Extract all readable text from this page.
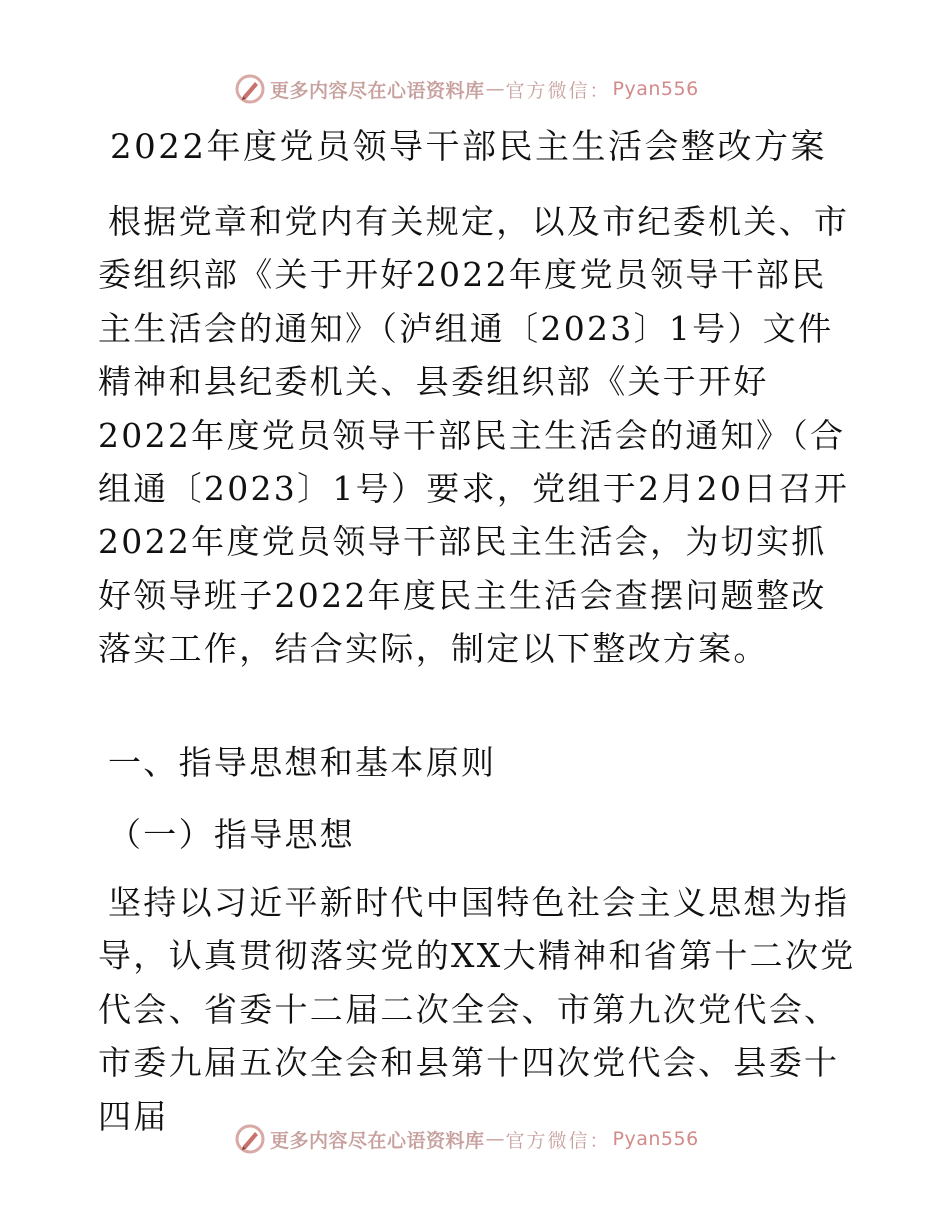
更多内容尽在心语资料库 — 官方微信： Pyan556
2022年度党员领导干部民主生活会整改方案

根据党章和党内有关规定，以及市纪委机关、市委组织部《关于开好2022年度党员领导干部民主生活会的通知》（泸组通〔2023〕1号）文件精神和县纪委机关、县委组织部《关于开好2022年度党员领导干部民主生活会的通知》（合组通〔2023〕1号）要求，党组于2月20日召开2022年度党员领导干部民主生活会，为切实抓好领导班子2022年度民主生活会查摆问题整改落实工作，结合实际，制定以下整改方案。

一、指导思想和基本原则
（一）指导思想

坚持以习近平新时代中国特色社会主义思想为指导，认真贯彻落实党的XX大精神和省第十二次党代会、省委十二届二次全会、市第九次党代会、市委九届五次全会和县第十四次党代会、县委十四届

更多内容尽在心语资料库 — 官方微信： Pyan556
